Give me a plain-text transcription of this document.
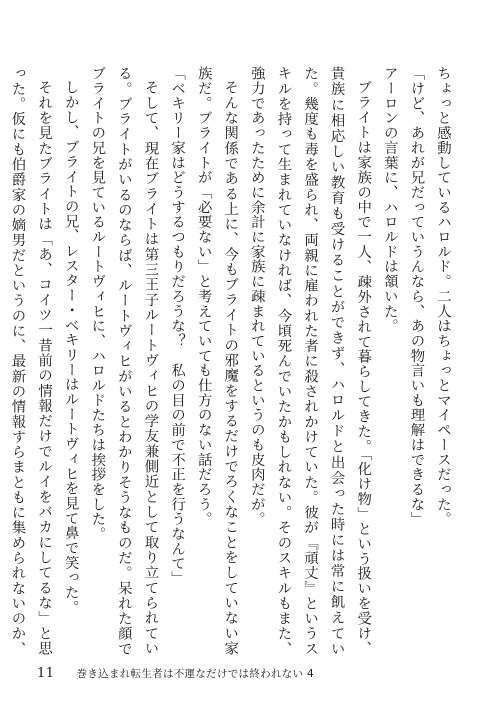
ちょっと感動しているハロルド。二人はちょっとマイペースだった。

「けど、あれが兄だっていうんなら、あの物言いも理解はできるな」

アーロンの言葉に、ハロルドは頷いた。

ブライトは家族の中で一人、疎外されて暮らしてきた。「化け物」という扱いを受け、貴族に相応しい教育も受けることができず、ハロルドと出会った時には常に飢えていた。幾度も毒を盛られ、両親に雇われた者に殺されかけていた。彼が『頑丈』というスキルを持って生まれていなければ、今頃死んでいたかもしれない。そのスキルもまた、強力であったために余計に家族に疎まれているというのも皮肉だが。

そんな関係である上に、今もブライトの邪魔をするだけでろくなことをしていない家族だ。ブライトが「必要ない」と考えていても仕方のない話だろう。

「ベキリー家はどうするつもりだろうな？　私の目の前で不正を行うなんて」

そして、現在ブライトは第三王子ルートヴィヒの学友兼側近として取り立てられている。ブライトがいるのならば、ルートヴィヒがいるとわかりそうなものだ。呆れた顔でブライトの兄を見ているルートヴィヒに、ハロルドたちは挨拶をした。

しかし、ブライトの兄、レスター・ベキリーはルートヴィヒを見て鼻で笑った。

それを見たブライトは「あ、コイツ一昔前の情報だけでルイをバカにしてるな」と思った。仮にも伯爵家の嫡男だというのに、最新の情報すらまともに集められないのか、

11 巻き込まれ転生者は不運なだけでは終われない 4
